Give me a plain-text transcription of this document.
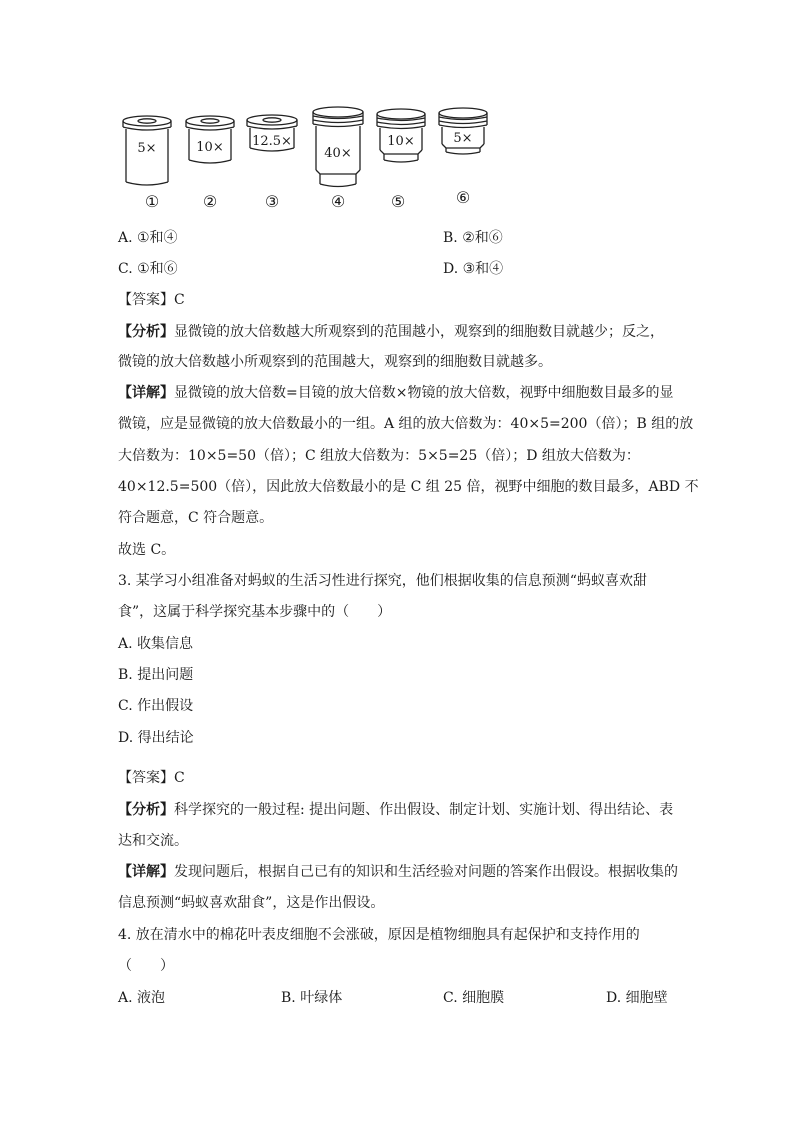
5×	10× 12.5×
40×
10×	5×
①	②	③	④	⑤	⑥
A. ①和④	B. ②和⑥
C. ①和⑥	D. ③和④
【答案】C
【分析】显微镜的放大倍数越大所观察到的范围越小，观察到的细胞数目就越少；反之，
微镜的放大倍数越小所观察到的范围越大，观察到的细胞数目就越多。
【详解】显微镜的放大倍数=目镜的放大倍数×物镜的放大倍数，视野中细胞数目最多的显
微镜，应是显微镜的放大倍数最小的一组。A 组的放大倍数为：40×5=200（倍）；B 组的放
大倍数为：10×5=50（倍）；C 组放大倍数为：5×5=25（倍）；D 组放大倍数为：
40×12.5=500（倍），因此放大倍数最小的是 C 组 25 倍，视野中细胞的数目最多，ABD 不
符合题意，C 符合题意。
故选 C。
3. 某学习小组准备对蚂蚁的生活习性进行探究，他们根据收集的信息预测“蚂蚁喜欢甜
食”，这属于科学探究基本步骤中的（　　）
A. 收集信息
B. 提出问题
C. 作出假设
D. 得出结论
【答案】C
【分析】科学探究的一般过程: 提出问题、作出假设、制定计划、实施计划、得出结论、表
达和交流。
【详解】发现问题后，根据自己已有的知识和生活经验对问题的答案作出假设。根据收集的
信息预测“蚂蚁喜欢甜食”，这是作出假设。
4. 放在清水中的棉花叶表皮细胞不会涨破，原因是植物细胞具有起保护和支持作用的
（　　）
A. 液泡	B. 叶绿体	C. 细胞膜	D. 细胞壁
